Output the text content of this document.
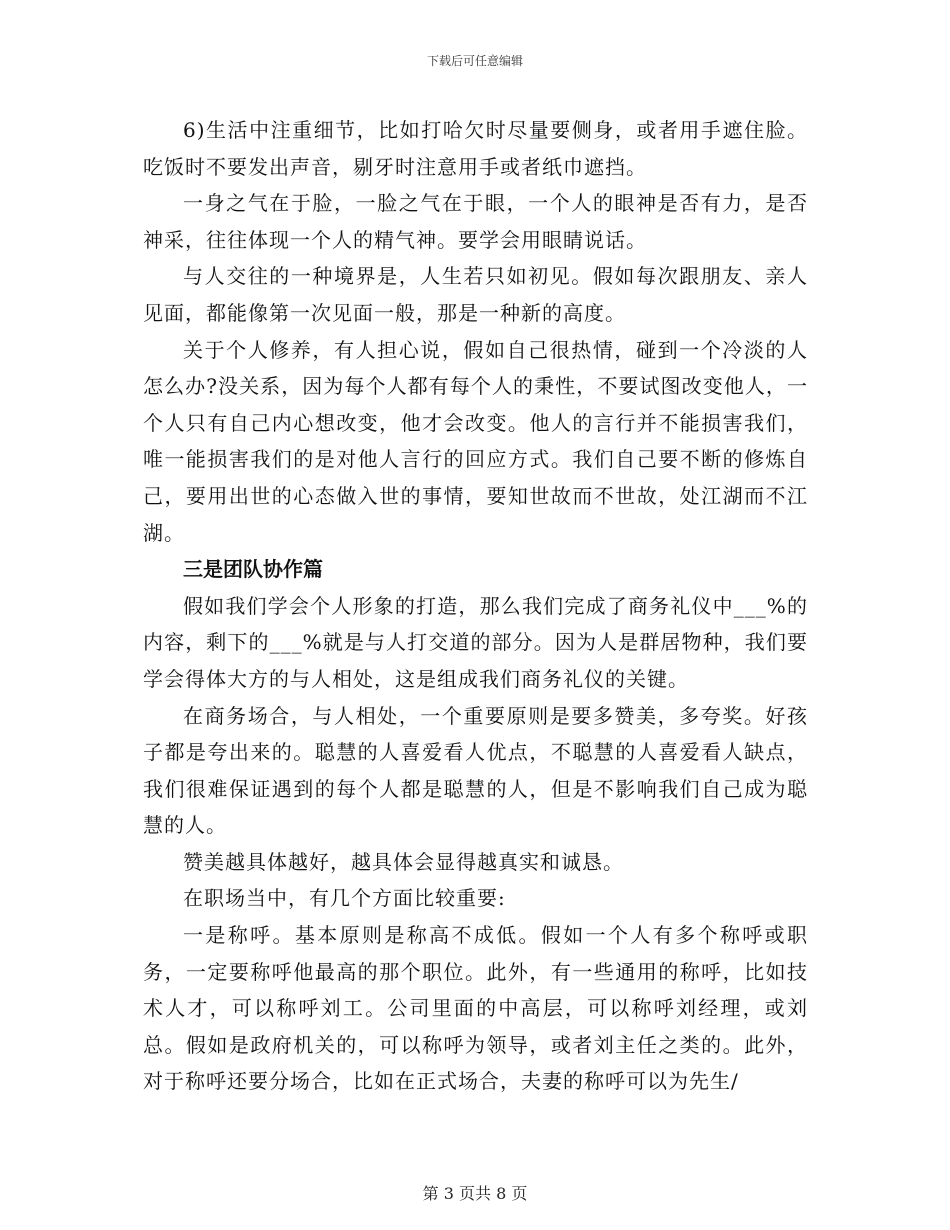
下载后可任意编辑

6)生活中注重细节，比如打哈欠时尽量要侧身，或者用手遮住脸。吃饭时不要发出声音，剔牙时注意用手或者纸巾遮挡。

一身之气在于脸，一脸之气在于眼，一个人的眼神是否有力，是否神采，往往体现一个人的精气神。要学会用眼睛说话。

与人交往的一种境界是，人生若只如初见。假如每次跟朋友、亲人见面，都能像第一次见面一般，那是一种新的高度。

关于个人修养，有人担心说，假如自己很热情，碰到一个冷淡的人怎么办?没关系，因为每个人都有每个人的秉性，不要试图改变他人，一个人只有自己内心想改变，他才会改变。他人的言行并不能损害我们，唯一能损害我们的是对他人言行的回应方式。我们自己要不断的修炼自己，要用出世的心态做入世的事情，要知世故而不世故，处江湖而不江湖。

三是团队协作篇

假如我们学会个人形象的打造，那么我们完成了商务礼仪中___%的内容，剩下的___%就是与人打交道的部分。因为人是群居物种，我们要学会得体大方的与人相处，这是组成我们商务礼仪的关键。

在商务场合，与人相处，一个重要原则是要多赞美，多夸奖。好孩子都是夸出来的。聪慧的人喜爱看人优点，不聪慧的人喜爱看人缺点，我们很难保证遇到的每个人都是聪慧的人，但是不影响我们自己成为聪慧的人。

赞美越具体越好，越具体会显得越真实和诚恳。

在职场当中，有几个方面比较重要:

一是称呼。基本原则是称高不成低。假如一个人有多个称呼或职务，一定要称呼他最高的那个职位。此外，有一些通用的称呼，比如技术人才，可以称呼刘工。公司里面的中高层，可以称呼刘经理，或刘总。假如是政府机关的，可以称呼为领导，或者刘主任之类的。此外，对于称呼还要分场合，比如在正式场合，夫妻的称呼可以为先生/

第 3 页共 8 页
